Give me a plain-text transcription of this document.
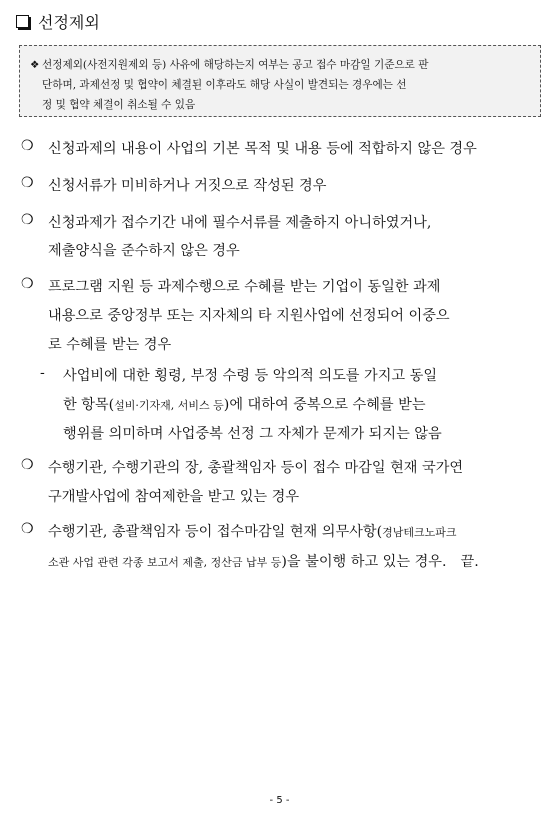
선정제외
❖ 선정제외(사전지원제외 등) 사유에 해당하는지 여부는 공고 접수 마감일 기준으로 판
단하며, 과제선정 및 협약이 체결된 이후라도 해당 사실이 발견되는 경우에는 선
정 및 협약 체결이 취소될 수 있음
❍ 신청과제의 내용이 사업의 기본 목적 및 내용 등에 적합하지 않은 경우
❍ 신청서류가 미비하거나 거짓으로 작성된 경우
❍ 신청과제가 접수기간 내에 필수서류를 제출하지 아니하였거나,
제출양식을 준수하지 않은 경우
❍ 프로그램 지원 등 과제수행으로 수혜를 받는 기업이 동일한 과제
내용으로 중앙정부 또는 지자체의 타 지원사업에 선정되어 이중으
로 수혜를 받는 경우
- 사업비에 대한 횡령, 부정 수령 등 악의적 의도를 가지고 동일
한 항목(설비·기자재, 서비스 등)에 대하여 중복으로 수혜를 받는
행위를 의미하며 사업중복 선정 그 자체가 문제가 되지는 않음
❍ 수행기관, 수행기관의 장, 총괄책임자 등이 접수 마감일 현재 국가연
구개발사업에 참여제한을 받고 있는 경우
❍ 수행기관, 총괄책임자 등이 접수마감일 현재 의무사항(경남테크노파크
소관 사업 관련 각종 보고서 제출, 정산금 납부 등)을 불이행 하고 있는 경우. 끝.
- 5 -
